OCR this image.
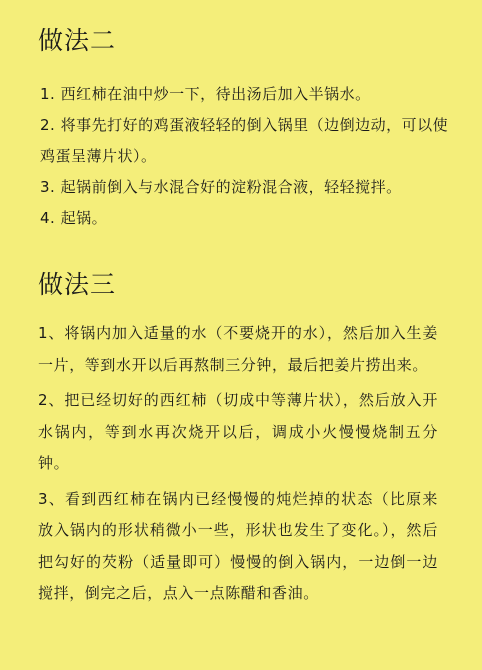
做法二

1. 西红柿在油中炒一下，待出汤后加入半锅水。

2. 将事先打好的鸡蛋液轻轻的倒入锅里（边倒边动，可以使鸡蛋呈薄片状）。

3. 起锅前倒入与水混合好的淀粉混合液，轻轻搅拌。

4. 起锅。

做法三

1、将锅内加入适量的水（不要烧开的水），然后加入生姜一片，等到水开以后再熬制三分钟，最后把姜片捞出来。

2、把已经切好的西红柿（切成中等薄片状），然后放入开水锅内，等到水再次烧开以后，调成小火慢慢烧制五分钟。

3、看到西红柿在锅内已经慢慢的炖烂掉的状态（比原来放入锅内的形状稍微小一些，形状也发生了变化。），然后把勾好的芡粉（适量即可）慢慢的倒入锅内，一边倒一边搅拌，倒完之后，点入一点陈醋和香油。
